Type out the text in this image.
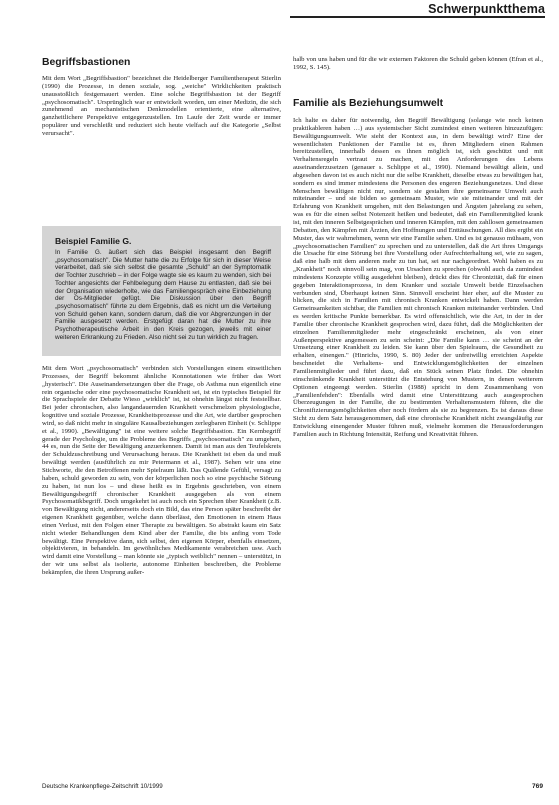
Schwerpunktthema
Begriffsbastionen

Mit dem Wort „Begriffsbastion" bezeichnet die Heidelberger Familientherapeut Stierlin (1990) die Prozesse, in denen soziale, sog. „weiche" Wirklichkeiten praktisch unausstoßlich festgemauert werden. Eine solche Begriffsbastion ist der Begriff „psychosomatisch". Ursprünglich war er entwickelt worden, um einer Medizin, die sich zunehmend an mechanistischen Denkmodellen orientierte, eine alternative, ganzheitlichere Perspektive entgegenzustellen. Im Laufe der Zeit wurde er immer populärer und verschleißt und reduziert sich heute vielfach auf die Kategorie „Selbst verursacht".

Beispiel Familie G.

In Familie G. äußert sich das Beispiel insgesamt den Begriff „psychosomatisch". Die Mutter hatte die zu Erfolge für sich in dieser Weise verarbeitet, daß sie sich selbst die gesamte „Schuld" an der Symptomatik der Tochter zuschrieb – in der Folge wagte sie es kaum zu wenden, sich bei Tochter angesichts der Fehlbelegung dem Hause zu entlasten, daß sie bei der Organisation wiederholte, wie das Familiengespräch eine Einbeziehung der Os-Mitglieder gefügt. Die Diskussion über den Begriff „psychosomatisch" führte zu dem Ergebnis, daß es nicht um die Verteilung von Schuld gehen kann, sondern darum, daß die vor Abgrenzungen in der Familie ausgesetzt werden. Erstgefügt daran hat die Mutter zu ihre Psychotherapeutische Arbeit in den Kreis gezogen, jeweils mit einer weiteren Erkrankung zu Frieden. Also nicht sei zu tun wirklich zu fragen.

Mit dem Wort „psychosomatisch" verbinden sich Vorstellungen einem einseitlichen Prozesses, der Begriff bekommt ähnliche Konnotationen wie früher das Wort „hysterisch". Die Auseinandersetzungen über die Frage, ob Asthma nun eigentlich eine rein organische oder eine psychosomatische Krankheit sei, ist ein typisches Beispiel für die Sprachspiele der Debatte Wieso „wirklich" ist, ist ohnehin längst nicht feststellbar. Bei jeder chronischen, also langandauernden Krankheit verschmelzen physiologische, kognitive und soziale Prozesse, Krankheitsprozesse und die Art, wie darüber gesprochen wird, so daß nicht mehr in singuläre Kausalbeziehungen zerlegbaren Einheit (v. Schlippe et al., 1990). „Bewältigung" ist eine weitere solche Begriffsbastion. Ein Kernbegriff gerade der Psychologie, um die Probleme des Begriffs „psychosomatisch" zu umgehen, 44 es, nun die Seite der Bewältigung anzuerkennen. Damit ist man aus den Teufelskreis der Schuldzuschreibung und Verursachung heraus. Die Krankheit ist eben da und muß bewältigt werden (ausführlich zu mir Petermann et al., 1987). Sehen wir uns eine Stichworte, die den Betroffenen mehr Spielraum läßt. Das Quälende Gefühl, versagt zu haben, schuld geworden zu sein, von der körperlichen noch so eine psychische Störung zu haben, ist nun los – und diese heißt es in Ergebnis geschrieben, von einem Bewältigungsbegriff chronischer Krankheit ausgegeben als von einem Psychosomatikbegriff. Doch umgekehrt ist auch noch ein Sprechen über Krankheit (z.B. von Bewältigung nicht, andererseits doch ein Bild, das eine Person später beschreibt der eigenen Krankheit gegenüber, welche dann überlässt, den Emotionen in einem Haus einen Verlust, mit den Folgen einer Therapie zu bewältigen. So abstrakt kaum ein Satz nicht wieder Behandlungen dem Kind aber der Familie, die bis anfing vom Tode bewältigt. Eine Perspektive dann, sich selbst, den eigenen Körper, ebenfalls einsetzen, objektivieren, in behandeln. Im gewöhnliches Medikamente verabreichen usw. Auch wird damit eine Vorstellung – man könnte sie „typisch weiblich" nennen – unterstützt, in der wir uns selbst als isolierte, autonome Einheiten beschreiben, die Probleme bekämpfen, die ihren Ursprung außer-

halb von uns haben und für die wir externen Faktoren die Schuld geben können (Efran et al., 1992, S. 145).

Familie als Beziehungsumwelt

Ich halte es daher für notwendig, den Begriff Bewältigung (solange wie noch keinen praktikableren haben …) aus systemischer Sicht zumindest einen weiteren hinzuzufügen: Bewältigungsumwelt. Wie sieht der Kontext aus, in dem bewältigt wird? Eine der wesentlichsten Funktionen der Familie ist es, ihren Mitgliedern einen Rahmen bereitzustellen, innerhalb dessen es ihnen möglich ist, sich geschützt und mit Verhaltensregeln vertraut zu machen, mit den Anforderungen des Lebens auseinanderzusetzen (genauer s. Schlippe et al., 1990). Niemand bewältigt allein, und abgesehen davon ist es auch nicht nur die selbe Krankheit, dieselbe etwas zu bewältigen hat, sondern es sind immer mindestens die Personen des engeren Beziehungsnetzes. Und diese Menschen bewältigen nicht nur, sondern sie gestalten ihre gemeinsame Umwelt auch miteinander – und sie bilden so gemeinsam Muster, wie sie miteinander und mit der Erfahrung von Krankheit umgehen, mit den Belastungen und Ängsten jahrelang zu sehen, was es für die einen selbst Notenzeit heißen und bedeutet, daß ein Familienmitglied krank ist, mit den inneren Selbstgesprächen und inneren Kämpfen, mit den zahllosen gemeinsamen Debatten, den Kämpfen mit Ärzten, den Hoffnungen und Enttäuschungen. All dies ergibt ein Muster, das wir wahrnehmen, wenn wir eine Familie sehen. Und es ist genauso mühsam, von „psychosomatischen Familien" zu sprechen und zu unterstellen, daß die Art ihres Umgangs die Ursache für eine Störung bei ihre Vorstellung oder Aufrechterhaltung sei, wie zu sagen, daß eine halb mit dem anderen mehr zu tun hat, sei nur nachgeordnet. Wohl haben es zu „Krankheit" noch sinnvoll sein mag, von Ursachen zu sprechen (obwohl auch da zumindest mindestens Konzepte völlig ausgedehnt bleiben), drückt dies für Chronizität, daß für einen gegeben Interaktionsprozess, in dem Kranker und soziale Umwelt beide Einzelsachen verbunden sind, Überhaupt keinen Sinn. Sinnvoll erscheint hier eher, auf die Muster zu blicken, die sich in Familien mit chronisch Kranken entwickelt haben. Dann werden Gemeinsamkeiten sichtbar, die Familien mit chronisch Kranken miteinander verbinden. Und es werden kritische Punkte bemerkbar. Es wird offensichtlich, wie die Art, in der in der Familie über chronische Krankheit gesprochen wird, dazu führt, daß die Möglichkeiten der einzelnen Familienmitglieder mehr eingeschränkt erscheinen, als von einer Außenperspektive angemessen zu sein scheint: „Die Familie kann … sie scheint an der Umsetzung einer Krankheit zu leiden. Sie kann über den Spielraum, die Gesundheit zu erhalten, einengen." (Hinrichs, 1990, S. 80) Jeder der unfreiwillig erreichten Aspekte beschneidet die Verhaltens- und Entwicklungsmöglichkeiten der einzelnen Familienmitglieder und führt dazu, daß ein Stück seinen Platz findet. Die ohnehin einschränkende Krankheit unterstützt die Entstehung von Mustern, in denen weiterem Optionen eingeengt werden. Stierlin (1988) spricht in dem Zusammenhang von „Familienfehden": Ebenfalls wird damit eine Unterstützung auch ausgesprochen Überzeugungen in der Familie, die zu bestimmten Verhaltensmustern führen, die die Chronifizierungsmöglichkeiten eher noch fördern als sie zu begrenzen. Es ist daraus diese Sicht zu dem Satz herausgenommen, daß eine chronische Krankheit nicht zwangsläufig zur Entwicklung einengender Muster führen muß, vielmehr kommen die Herausforderungen Familien auch in Richtung Intensität, Reifung und Kreativität führen.

Deutsche Krankenpflege-Zeitschrift 10/1999	769
